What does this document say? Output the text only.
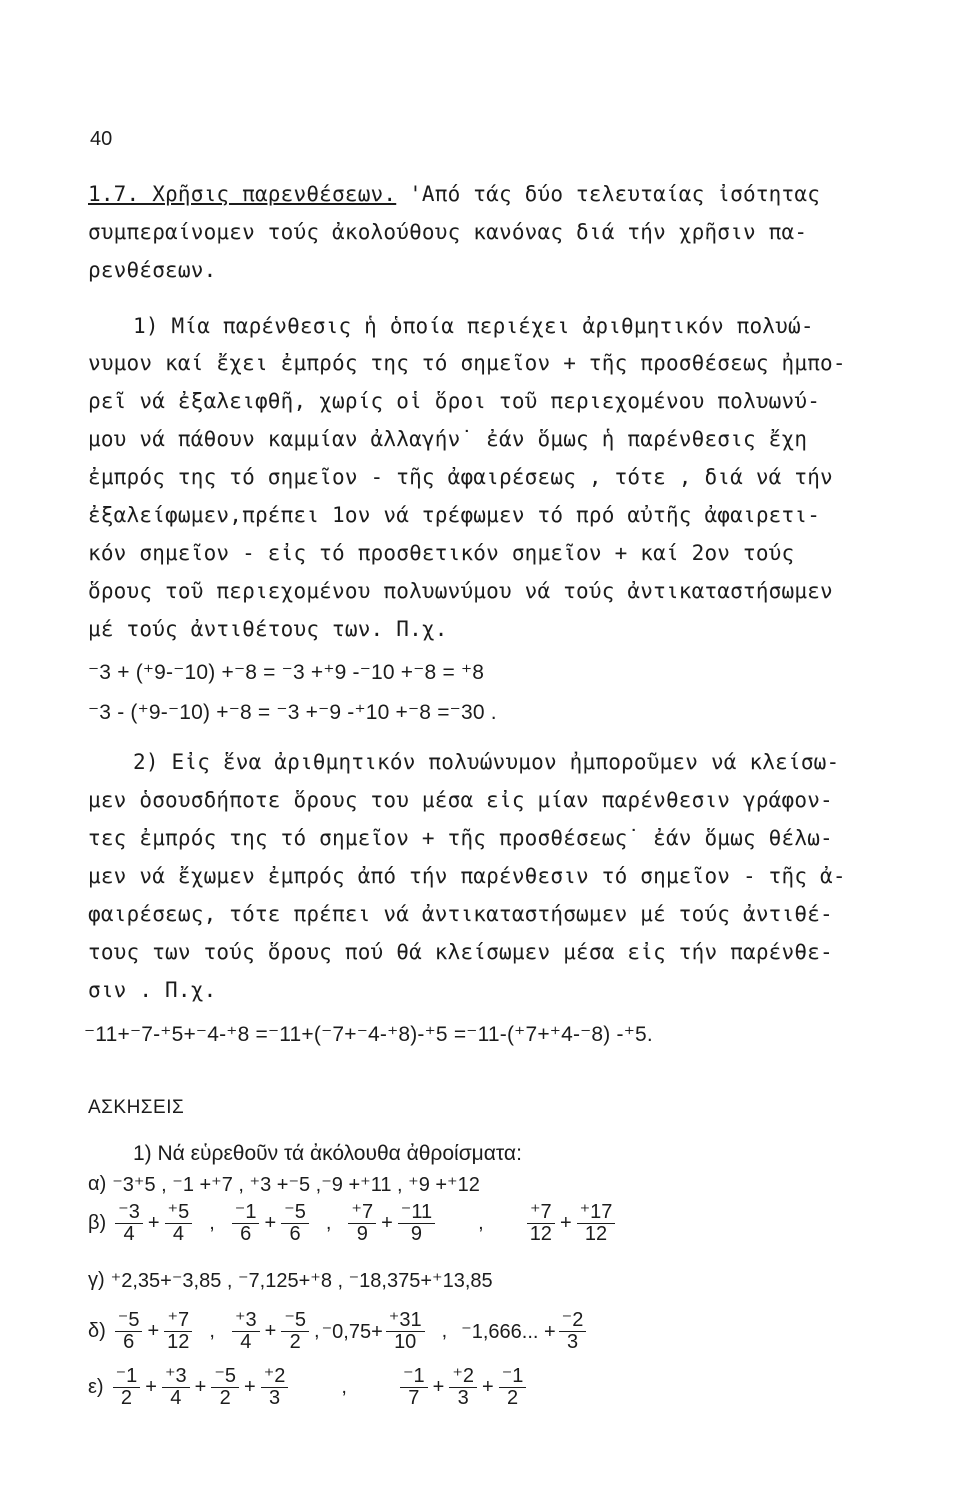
40
1.7. Χρῆσις παρενθέσεων. 'Από τάς δύο τελευταίας ἰσότητας
συμπεραίνομεν τούς ἀκολούθους κανόνας διά τήν χρῆσιν πα-
ρενθέσεων.
1) Μία παρένθεσις ἡ ὁποία περιέχει ἀριθμητικόν πολυώ-
νυμον καί ἔχει ἐμπρός της τό σημεῖον + τῆς προσθέσεως ἠμπο-
ρεῖ νά ἐξαλειφθῆ, χωρίς οἱ ὅροι τοῦ περιεχομένου πολυωνύ-
μου νά πάθουν καμμίαν ἀλλαγήν˙ ἐάν ὅμως ἡ παρένθεσις ἔχη
ἐμπρός της τό σημεῖον - τῆς ἀφαιρέσεως , τότε , διά νά τήν
ἐξαλείφωμεν,πρέπει 1ον νά τρέφωμεν τό πρό αὐτῆς ἀφαιρετι-
κόν σημεῖον - εἰς τό προσθετικόν σημεῖον + καί 2ον τούς
ὅρους τοῦ περιεχομένου πολυωνύμου νά τούς ἀντικαταστήσωμεν
μέ τούς ἀντιθέτους των. Π.χ.
⁻3 + (⁺9-⁻10) +⁻8 = ⁻3 +⁺9 -⁻10 +⁻8 = ⁺8
⁻3 - (⁺9-⁻10) +⁻8 = ⁻3 +⁻9 -⁺10 +⁻8 =⁻30 .
2) Εἰς ἕνα ἀριθμητικόν πολυώνυμον ἠμποροῦμεν νά κλείσω-
μεν ὁσουσδήποτε ὅρους του μέσα εἰς μίαν παρένθεσιν γράφον-
τες ἐμπρός της τό σημεῖον + τῆς προσθέσεως˙ ἐάν ὅμως θέλω-
μεν νά ἔχωμεν ἐμπρός ἀπό τήν παρένθεσιν τό σημεῖον - τῆς ἀ-
φαιρέσεως, τότε πρέπει νά ἀντικαταστήσωμεν μέ τούς ἀντιθέ-
τους των τούς ὅρους πού θά κλείσωμεν μέσα εἰς τήν παρένθε-
σιν . Π.χ.
⁻11+⁻7-⁺5+⁻4-⁺8 =⁻11+(⁻7+⁻4-⁺8)-⁺5 =⁻11-(⁺7+⁺4-⁻8) -⁺5.
ΑΣΚΗΣΕΙΣ
1) Νά εὑρεθοῦν τά ἀκόλουθα ἀθροίσματα:
α) ⁻3⁺5 , ⁻1 +⁺7 , ⁺3 +⁻5 ,⁻9 +⁺11 , ⁺9 +⁺12
$\beta) \frac{^-3}{4} + \frac{^+5}{4}$ , $\frac{^-1}{6} + \frac{^-5}{6}$ , $\frac{^+7}{9} + \frac{^-11}{9}$ , $\frac{^+7}{12} + \frac{^+17}{12}$
γ) ⁺2,35+⁻3,85 , ⁻7,125+⁺8 , ⁻18,375+⁺13,85
$\delta) \frac{^-5}{6} + \frac{^+7}{12}$ , $\frac{^+3}{4} + \frac{^-5}{2}$ , $^-0,75+ \frac{^+31}{10}$ , ⁻1,666... + $\frac{^-2}{3}$
$\varepsilon) \frac{^-1}{2} + \frac{^+3}{4} + \frac{^-5}{2} + \frac{^+2}{3}$	,	$\frac{^-1}{7} + \frac{^+2}{3} + \frac{^-1}{2}$
